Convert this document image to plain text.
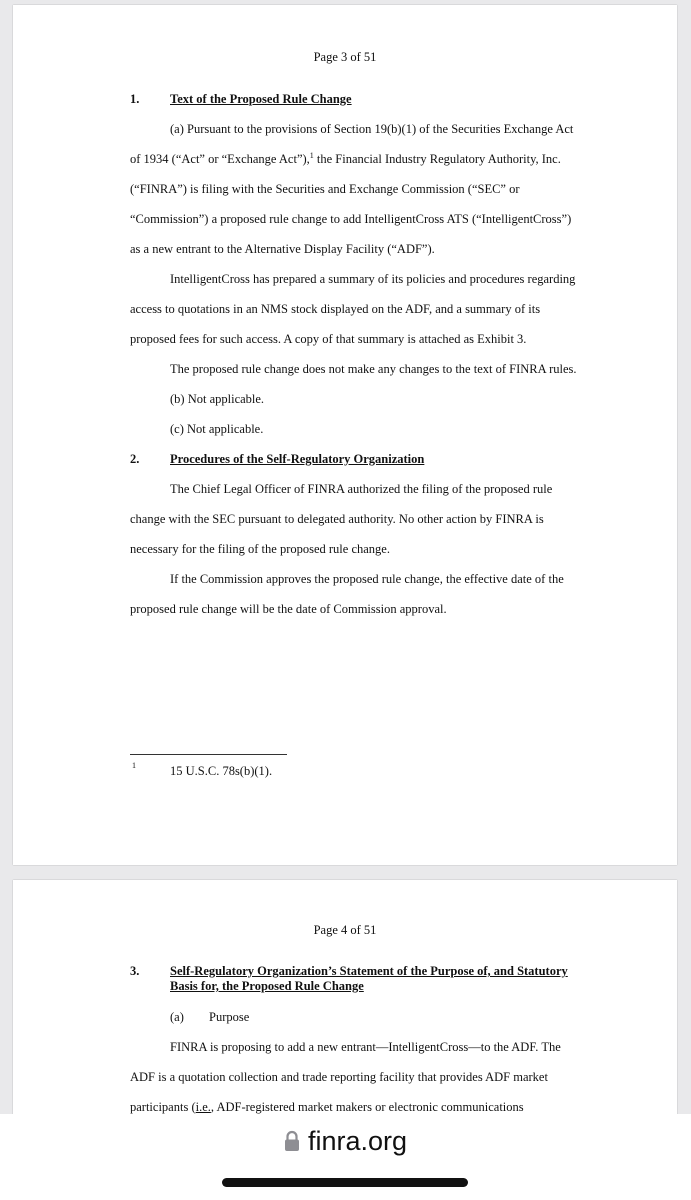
Page 3 of 51
1. Text of the Proposed Rule Change
(a) Pursuant to the provisions of Section 19(b)(1) of the Securities Exchange Act
of 1934 (“Act” or “Exchange Act”),$^1$ the Financial Industry Regulatory Authority, Inc.
(“FINRA”) is filing with the Securities and Exchange Commission (“SEC” or
“Commission”) a proposed rule change to add IntelligentCross ATS (“IntelligentCross”)
as a new entrant to the Alternative Display Facility (“ADF”).
IntelligentCross has prepared a summary of its policies and procedures regarding
access to quotations in an NMS stock displayed on the ADF, and a summary of its
proposed fees for such access. A copy of that summary is attached as Exhibit 3.
The proposed rule change does not make any changes to the text of FINRA rules.
(b) Not applicable.
(c) Not applicable.
2. Procedures of the Self-Regulatory Organization
The Chief Legal Officer of FINRA authorized the filing of the proposed rule
change with the SEC pursuant to delegated authority. No other action by FINRA is
necessary for the filing of the proposed rule change.
If the Commission approves the proposed rule change, the effective date of the
proposed rule change will be the date of Commission approval.
1	15 U.S.C. 78s(b)(1).
Page 4 of 51
3. Self-Regulatory Organization’s Statement of the Purpose of, and Statutory
Basis for, the Proposed Rule Change
(a) Purpose
FINRA is proposing to add a new entrant—IntelligentCross—to the ADF. The
ADF is a quotation collection and trade reporting facility that provides ADF market
participants (i.e., ADF-registered market makers or electronic communications
finra.org
